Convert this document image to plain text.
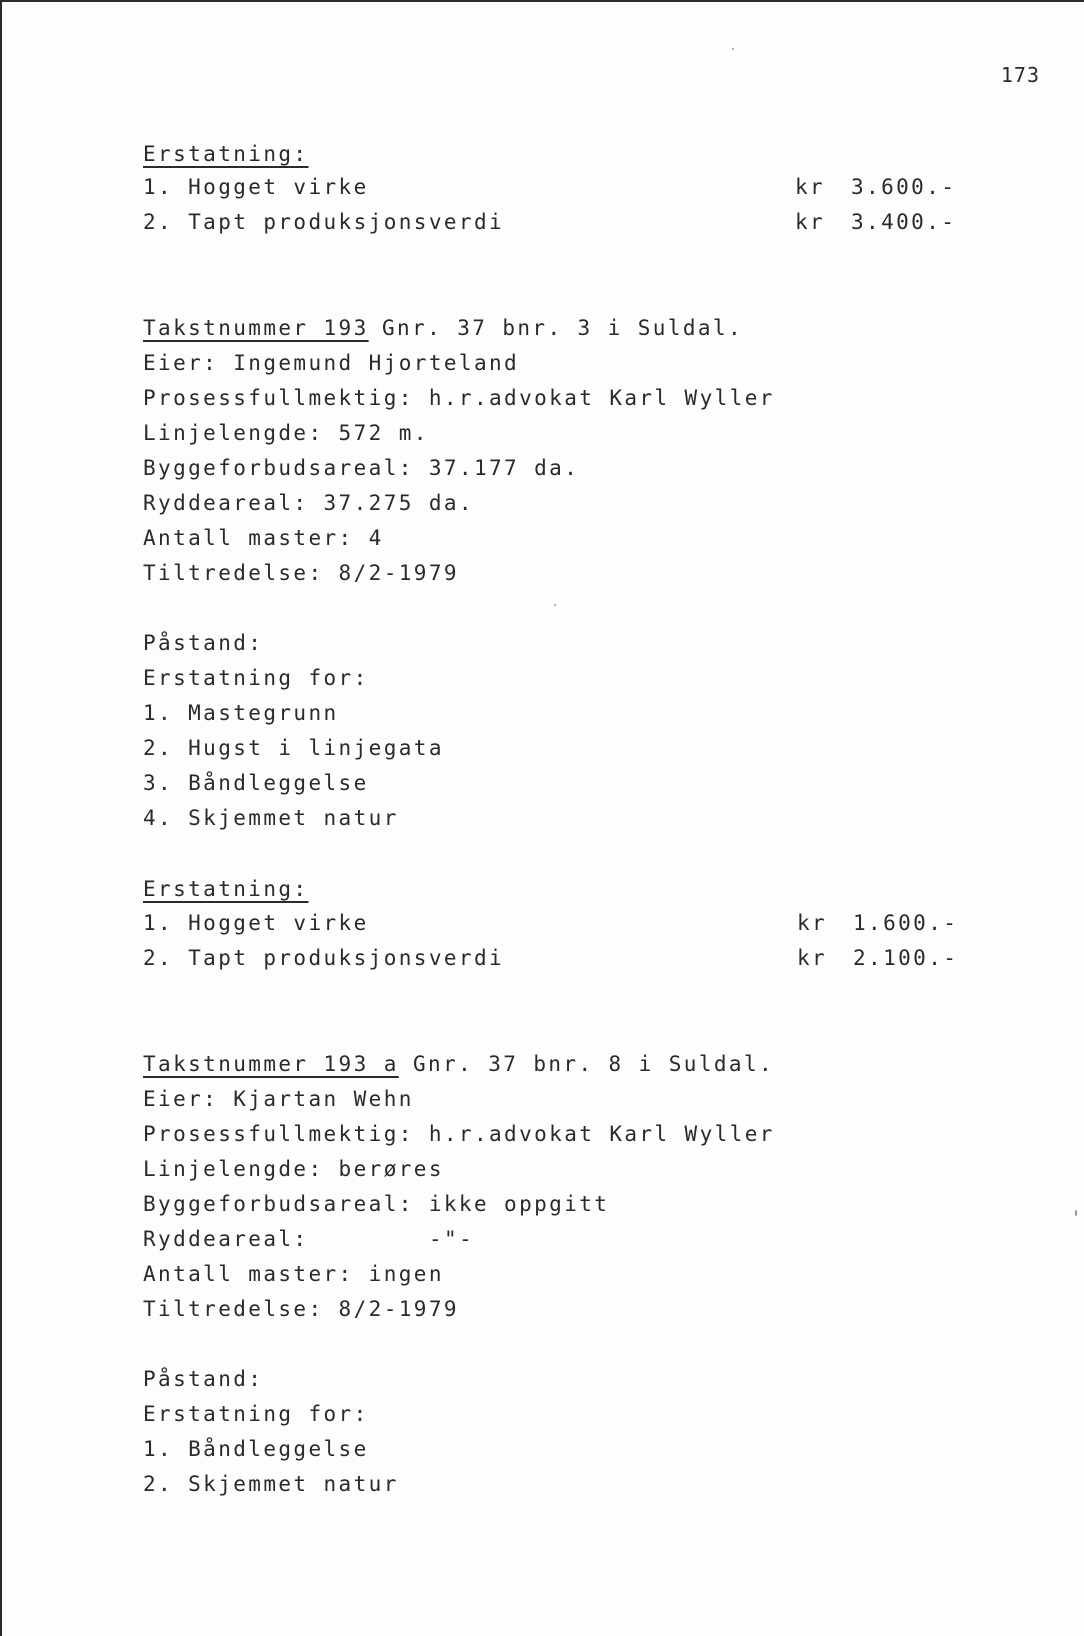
173
Erstatning:
1. Hogget virke	kr 3.600.-
2. Tapt produksjonsverdi	kr 3.400.-
Takstnummer 193 Gnr. 37 bnr. 3 i Suldal.
Eier: Ingemund Hjorteland
Prosessfullmektig: h.r.advokat Karl Wyller
Linjelengde: 572 m.
Byggeforbudsareal: 37.177 da.
Ryddeareal: 37.275 da.
Antall master: 4
Tiltredelse: 8/2-1979
Påstand:
Erstatning for:
1. Mastegrunn
2. Hugst i linjegata
3. Båndleggelse
4. Skjemmet natur
Erstatning:
1. Hogget virke	kr 1.600.-
2. Tapt produksjonsverdi	kr 2.100.-
Takstnummer 193 a Gnr. 37 bnr. 8 i Suldal.
Eier: Kjartan Wehn
Prosessfullmektig: h.r.advokat Karl Wyller
Linjelengde: berøres
Byggeforbudsareal: ikke oppgitt
Ryddeareal:	-"-
Antall master: ingen
Tiltredelse: 8/2-1979
Påstand:
Erstatning for:
1. Båndleggelse
2. Skjemmet natur
